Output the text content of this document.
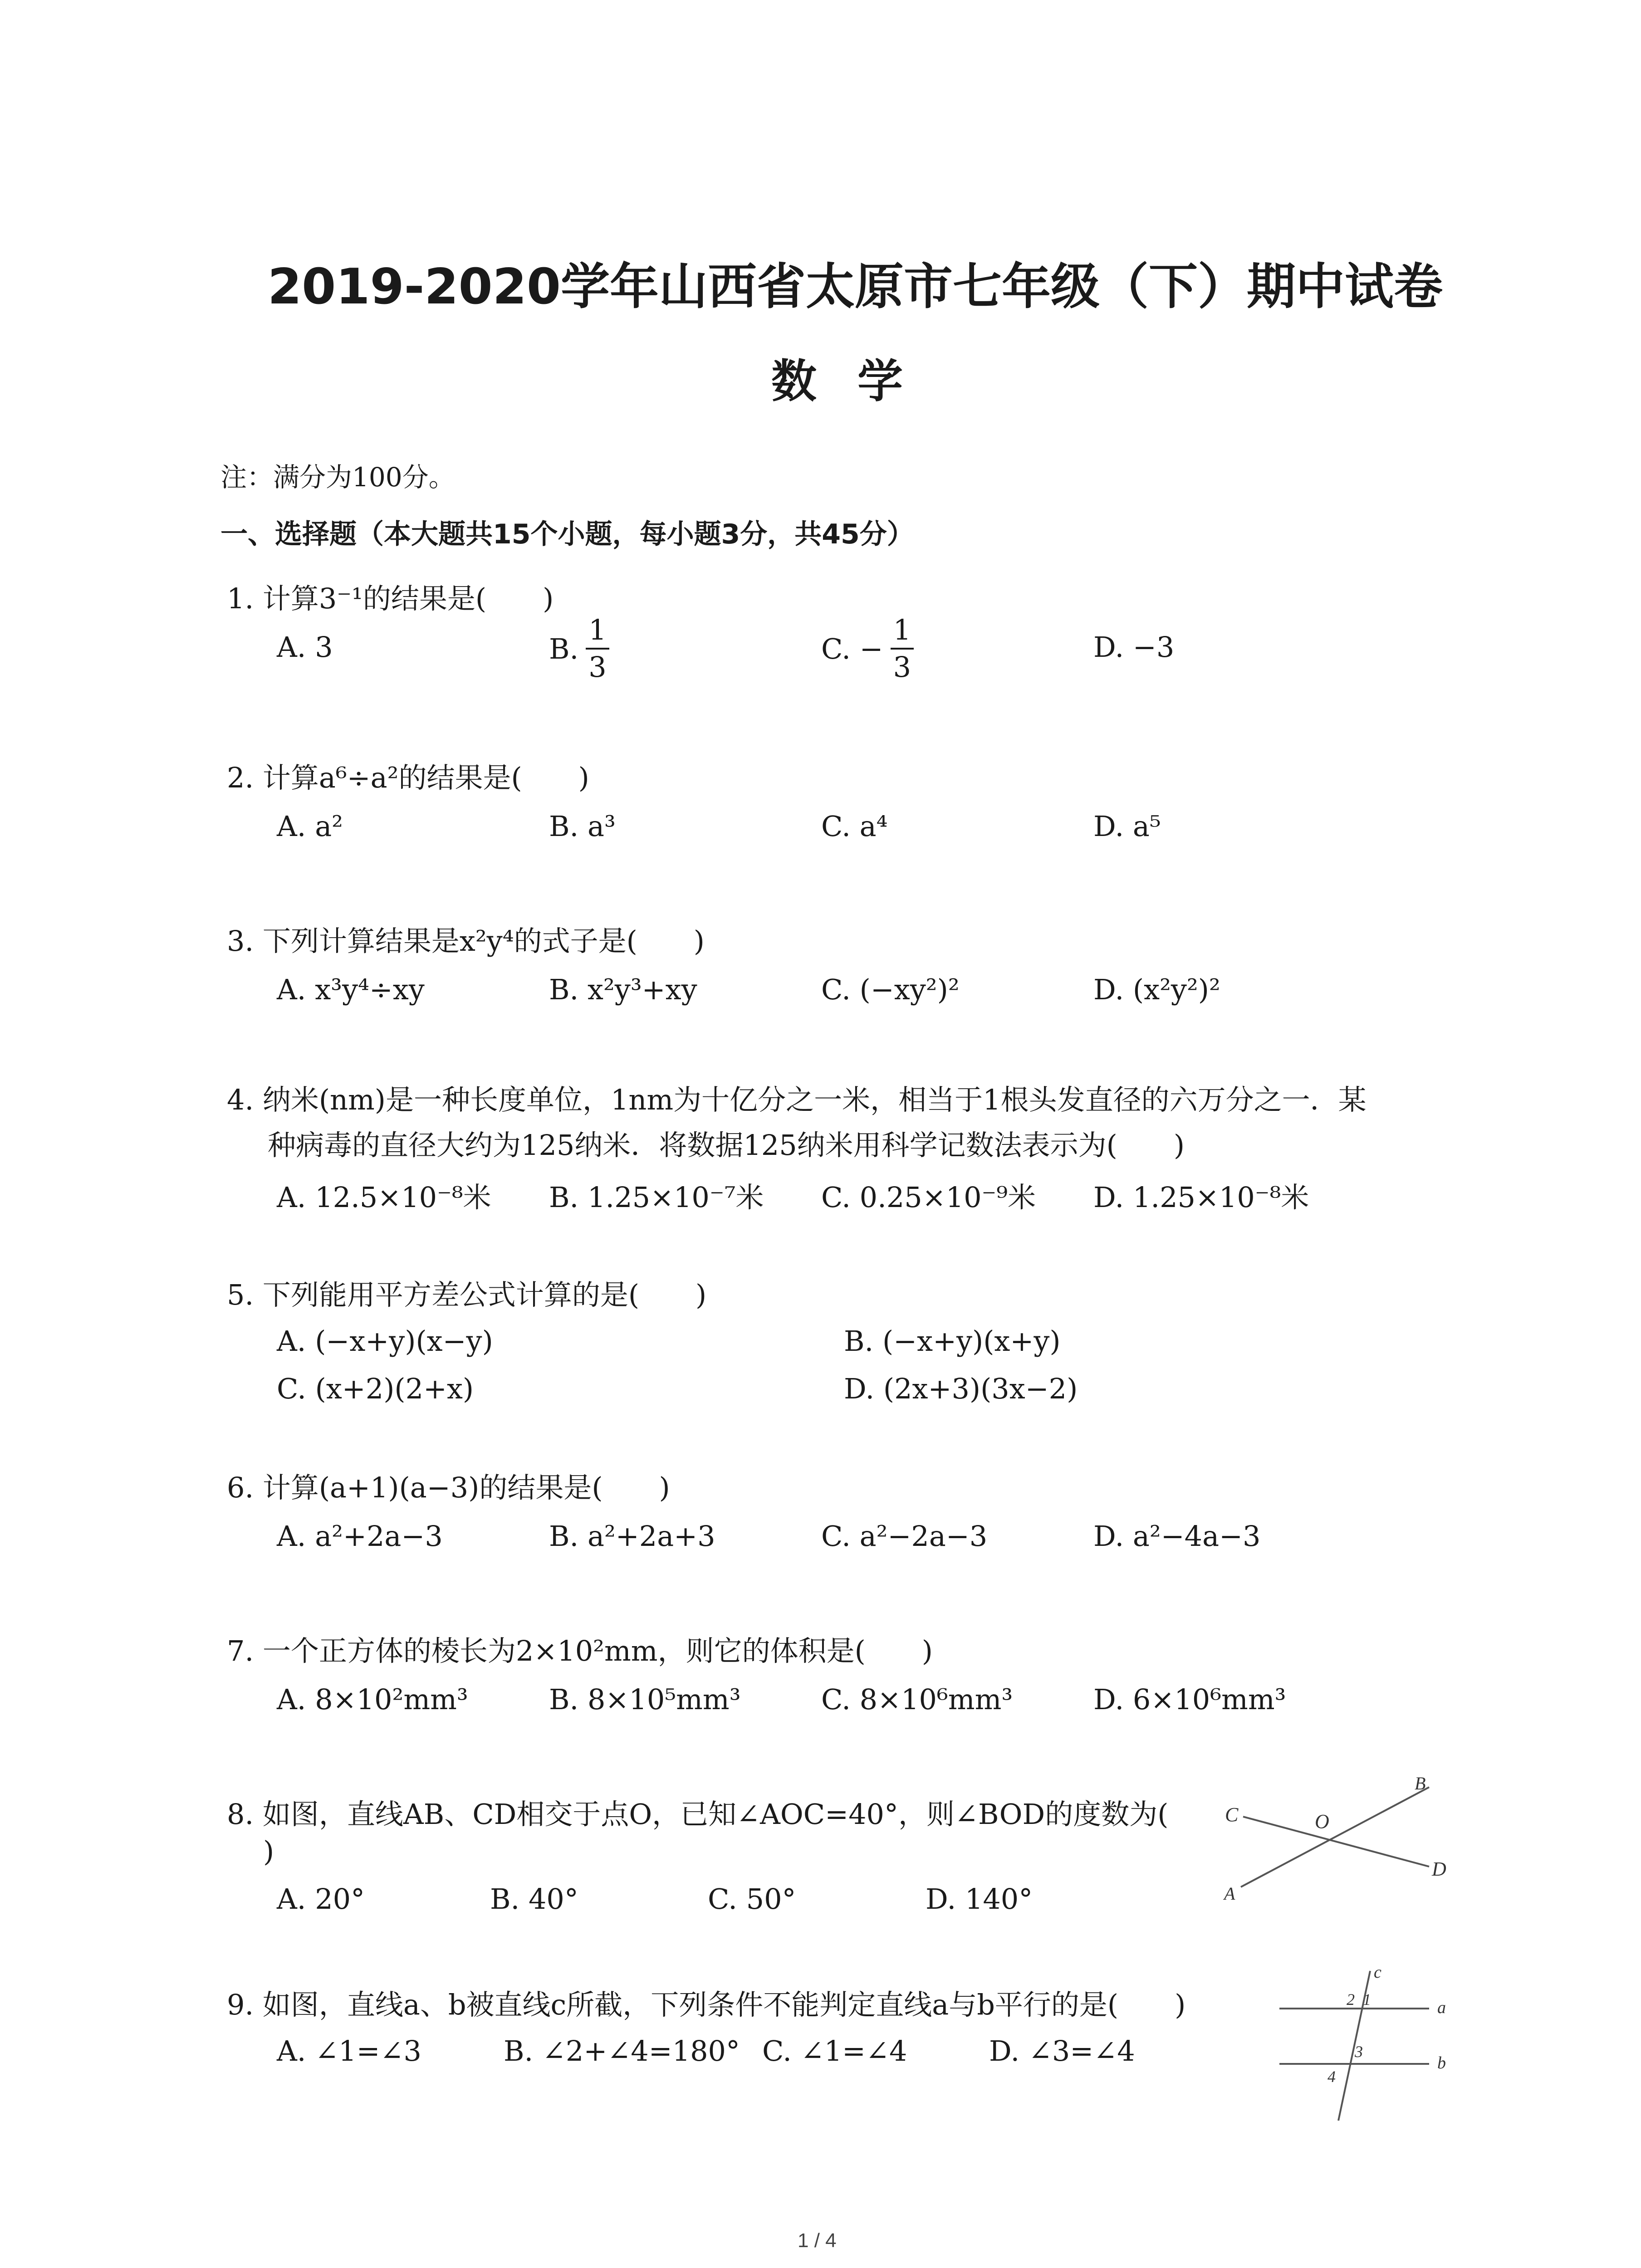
2019-2020学年山西省太原市七年级（下）期中试卷
数学
注：满分为100分。
一、选择题（本大题共15个小题，每小题3分，共45分）
1. 计算3⁻¹的结果是(　　)
A. 3	B. $\frac{1}{3}$	C. − $\frac{1}{3}$	D. −3
2. 计算a⁶÷a²的结果是(　　)
A. a²	B. a³	C. a⁴	D. a⁵
3. 下列计算结果是x²y⁴的式子是(　　)
A. x³y⁴÷xy	B. x²y³+xy	C. (−xy²)²	D. (x²y²)²
4. 纳米(nm)是一种长度单位，1nm为十亿分之一米，相当于1根头发直径的六万分之一．某
种病毒的直径大约为125纳米．将数据125纳米用科学记数法表示为(　　)
A. 12.5×10⁻⁸米 B. 1.25×10⁻⁷米 C. 0.25×10⁻⁹米 D. 1.25×10⁻⁸米
5. 下列能用平方差公式计算的是(　　)
A. (−x+y)(x−y)	B. (−x+y)(x+y)
C. (x+2)(2+x)	D. (2x+3)(3x−2)
6. 计算(a+1)(a−3)的结果是(　　)
A. a²+2a−3	B. a²+2a+3	C. a²−2a−3	D. a²−4a−3
7. 一个正方体的棱长为2×10²mm，则它的体积是(　　)
A. 8×10²mm³	B. 8×10⁵mm³	C. 8×10⁶mm³	D. 6×10⁶mm³
8. 如图，直线AB、CD相交于点O，已知∠AOC=40°，则∠BOD的度数为(
)
A. 20°	B. 40°	C. 50°	D. 140°
C	O
B
D
A
9. 如图，直线a、b被直线c所截，下列条件不能判定直线a与b平行的是(　　)
A. ∠1=∠3	B. ∠2+∠4=180° C. ∠1=∠4	D. ∠3=∠4
c
2 1	a
3
4
b
1 / 4
